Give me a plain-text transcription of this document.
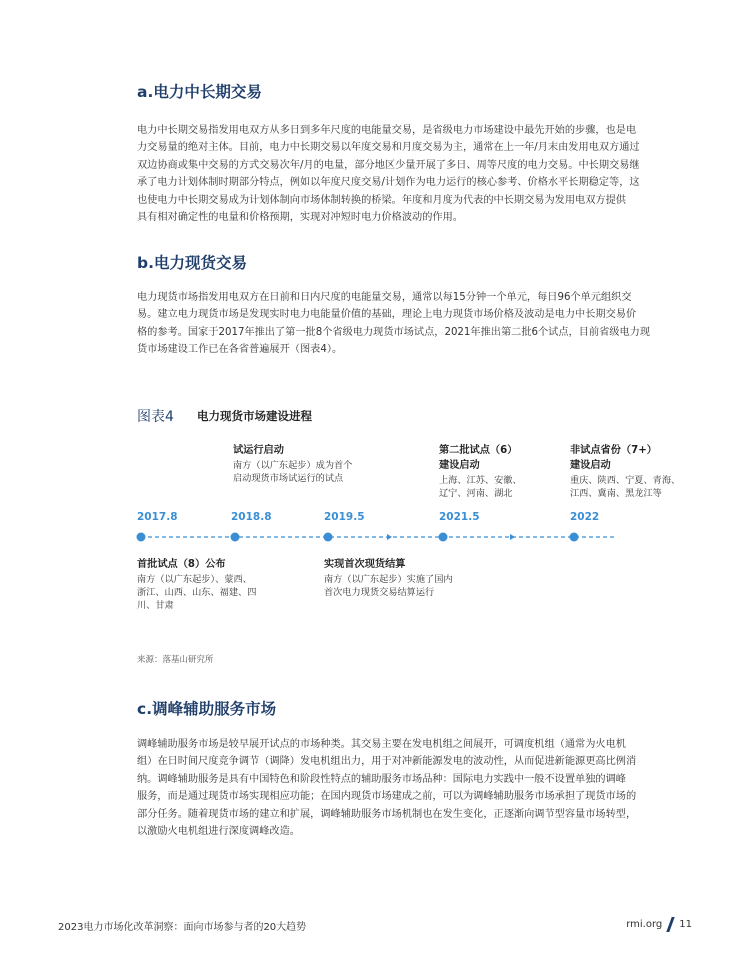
a.电力中长期交易

电力中长期交易指发用电双方从多日到多年尺度的电能量交易，是省级电力市场建设中最先开始的步骤，也是电
力交易量的绝对主体。目前，电力中长期交易以年度交易和月度交易为主，通常在上一年/月末由发用电双方通过
双边协商或集中交易的方式交易次年/月的电量，部分地区少量开展了多日、周等尺度的电力交易。中长期交易继
承了电力计划体制时期部分特点，例如以年度尺度交易/计划作为电力运行的核心参考、价格水平长期稳定等，这
也使电力中长期交易成为计划体制向市场体制转换的桥梁。年度和月度为代表的中长期交易为发用电双方提供
具有相对确定性的电量和价格预期，实现对冲短时电力价格波动的作用。

b.电力现货交易

电力现货市场指发用电双方在日前和日内尺度的电能量交易，通常以每15分钟一个单元，每日96个单元组织交
易。建立电力现货市场是发现实时电力电能量价值的基础，理论上电力现货市场价格及波动是电力中长期交易价
格的参考。国家于2017年推出了第一批8个省级电力现货市场试点，2021年推出第二批6个试点，目前省级电力现
货市场建设工作已在各省普遍展开（图表4）。

图表4 电力现货市场建设进程
试运行启动
南方（以广东起步）成为首个
启动现货市场试运行的试点
第二批试点（6）
建设启动
上海、江苏、安徽、
辽宁、河南、湖北
非试点省份（7+）
建设启动
重庆、陕西、宁夏、青海、
江西、冀南、黑龙江等
2017.8	2018.8	2019.5	2021.5	2022
首批试点（8）公布
南方（以广东起步）、蒙西、
浙江、山西、山东、福建、四
川、甘肃
实现首次现货结算
南方（以广东起步）实施了国内
首次电力现货交易结算运行
来源：落基山研究所
c.调峰辅助服务市场

调峰辅助服务市场是较早展开试点的市场种类。其交易主要在发电机组之间展开，可调度机组（通常为火电机
组）在日时间尺度竞争调节（调降）发电机组出力，用于对冲新能源发电的波动性，从而促进新能源更高比例消
纳。调峰辅助服务是具有中国特色和阶段性特点的辅助服务市场品种：国际电力实践中一般不设置单独的调峰
服务，而是通过现货市场实现相应功能；在国内现货市场建成之前，可以为调峰辅助服务市场承担了现货市场的
部分任务。随着现货市场的建立和扩展，调峰辅助服务市场机制也在发生变化，正逐渐向调节型容量市场转型，
以激励火电机组进行深度调峰改造。

2023电力市场化改革洞察：面向市场参与者的20大趋势	rmi.org 11
